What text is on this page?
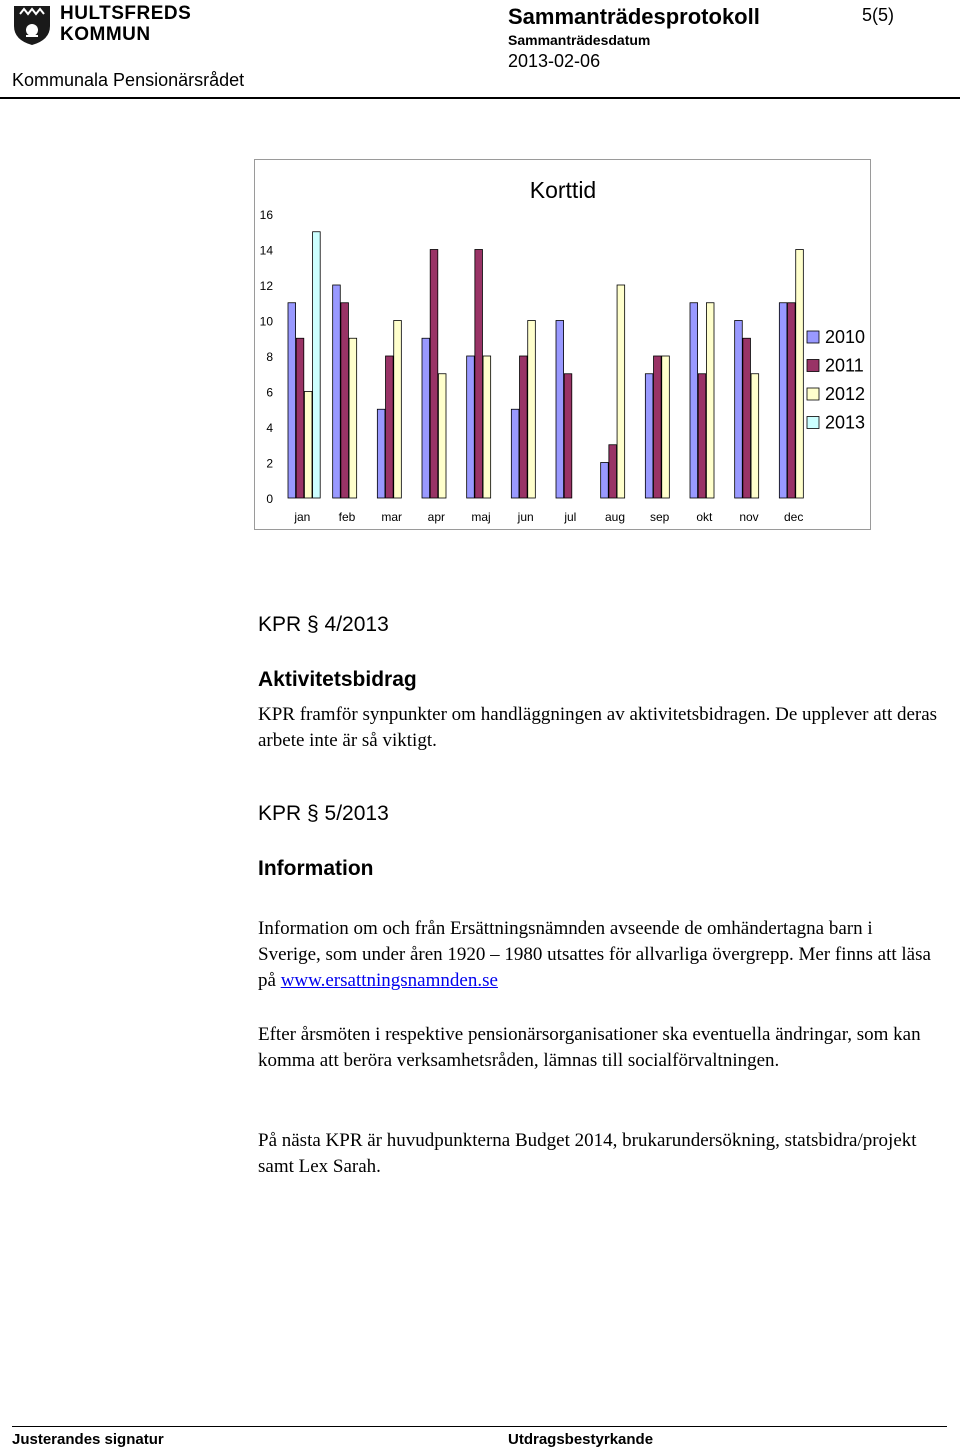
HULTSFREDS
KOMMUN
Kommunala Pensionärsrådet
Sammanträdesprotokoll
Sammanträdesdatum
2013-02-06
5(5)
Korttid
0
2
4
6
8
10
12
14
16
jan feb mar apr maj jun	jul aug sep okt nov dec
2010
2011
2012
2013
KPR § 4/2013
Aktivitetsbidrag
KPR framför synpunkter om handläggningen av aktivitetsbidragen. De upplever att deras arbete inte är så viktigt.
KPR § 5/2013
Information
Information om och från Ersättningsnämnden avseende de omhändertagna barn i Sverige, som under åren 1920 – 1980 utsattes för allvarliga övergrepp. Mer finns att läsa på www.ersattningsnamnden.se
Efter årsmöten i respektive pensionärsorganisationer ska eventuella ändringar, som kan komma att beröra verksamhetsråden, lämnas till socialförvaltningen.
På nästa KPR är huvudpunkterna Budget 2014, brukarundersökning, statsbidra/projekt samt Lex Sarah.
Justerandes signatur	Utdragsbestyrkande
